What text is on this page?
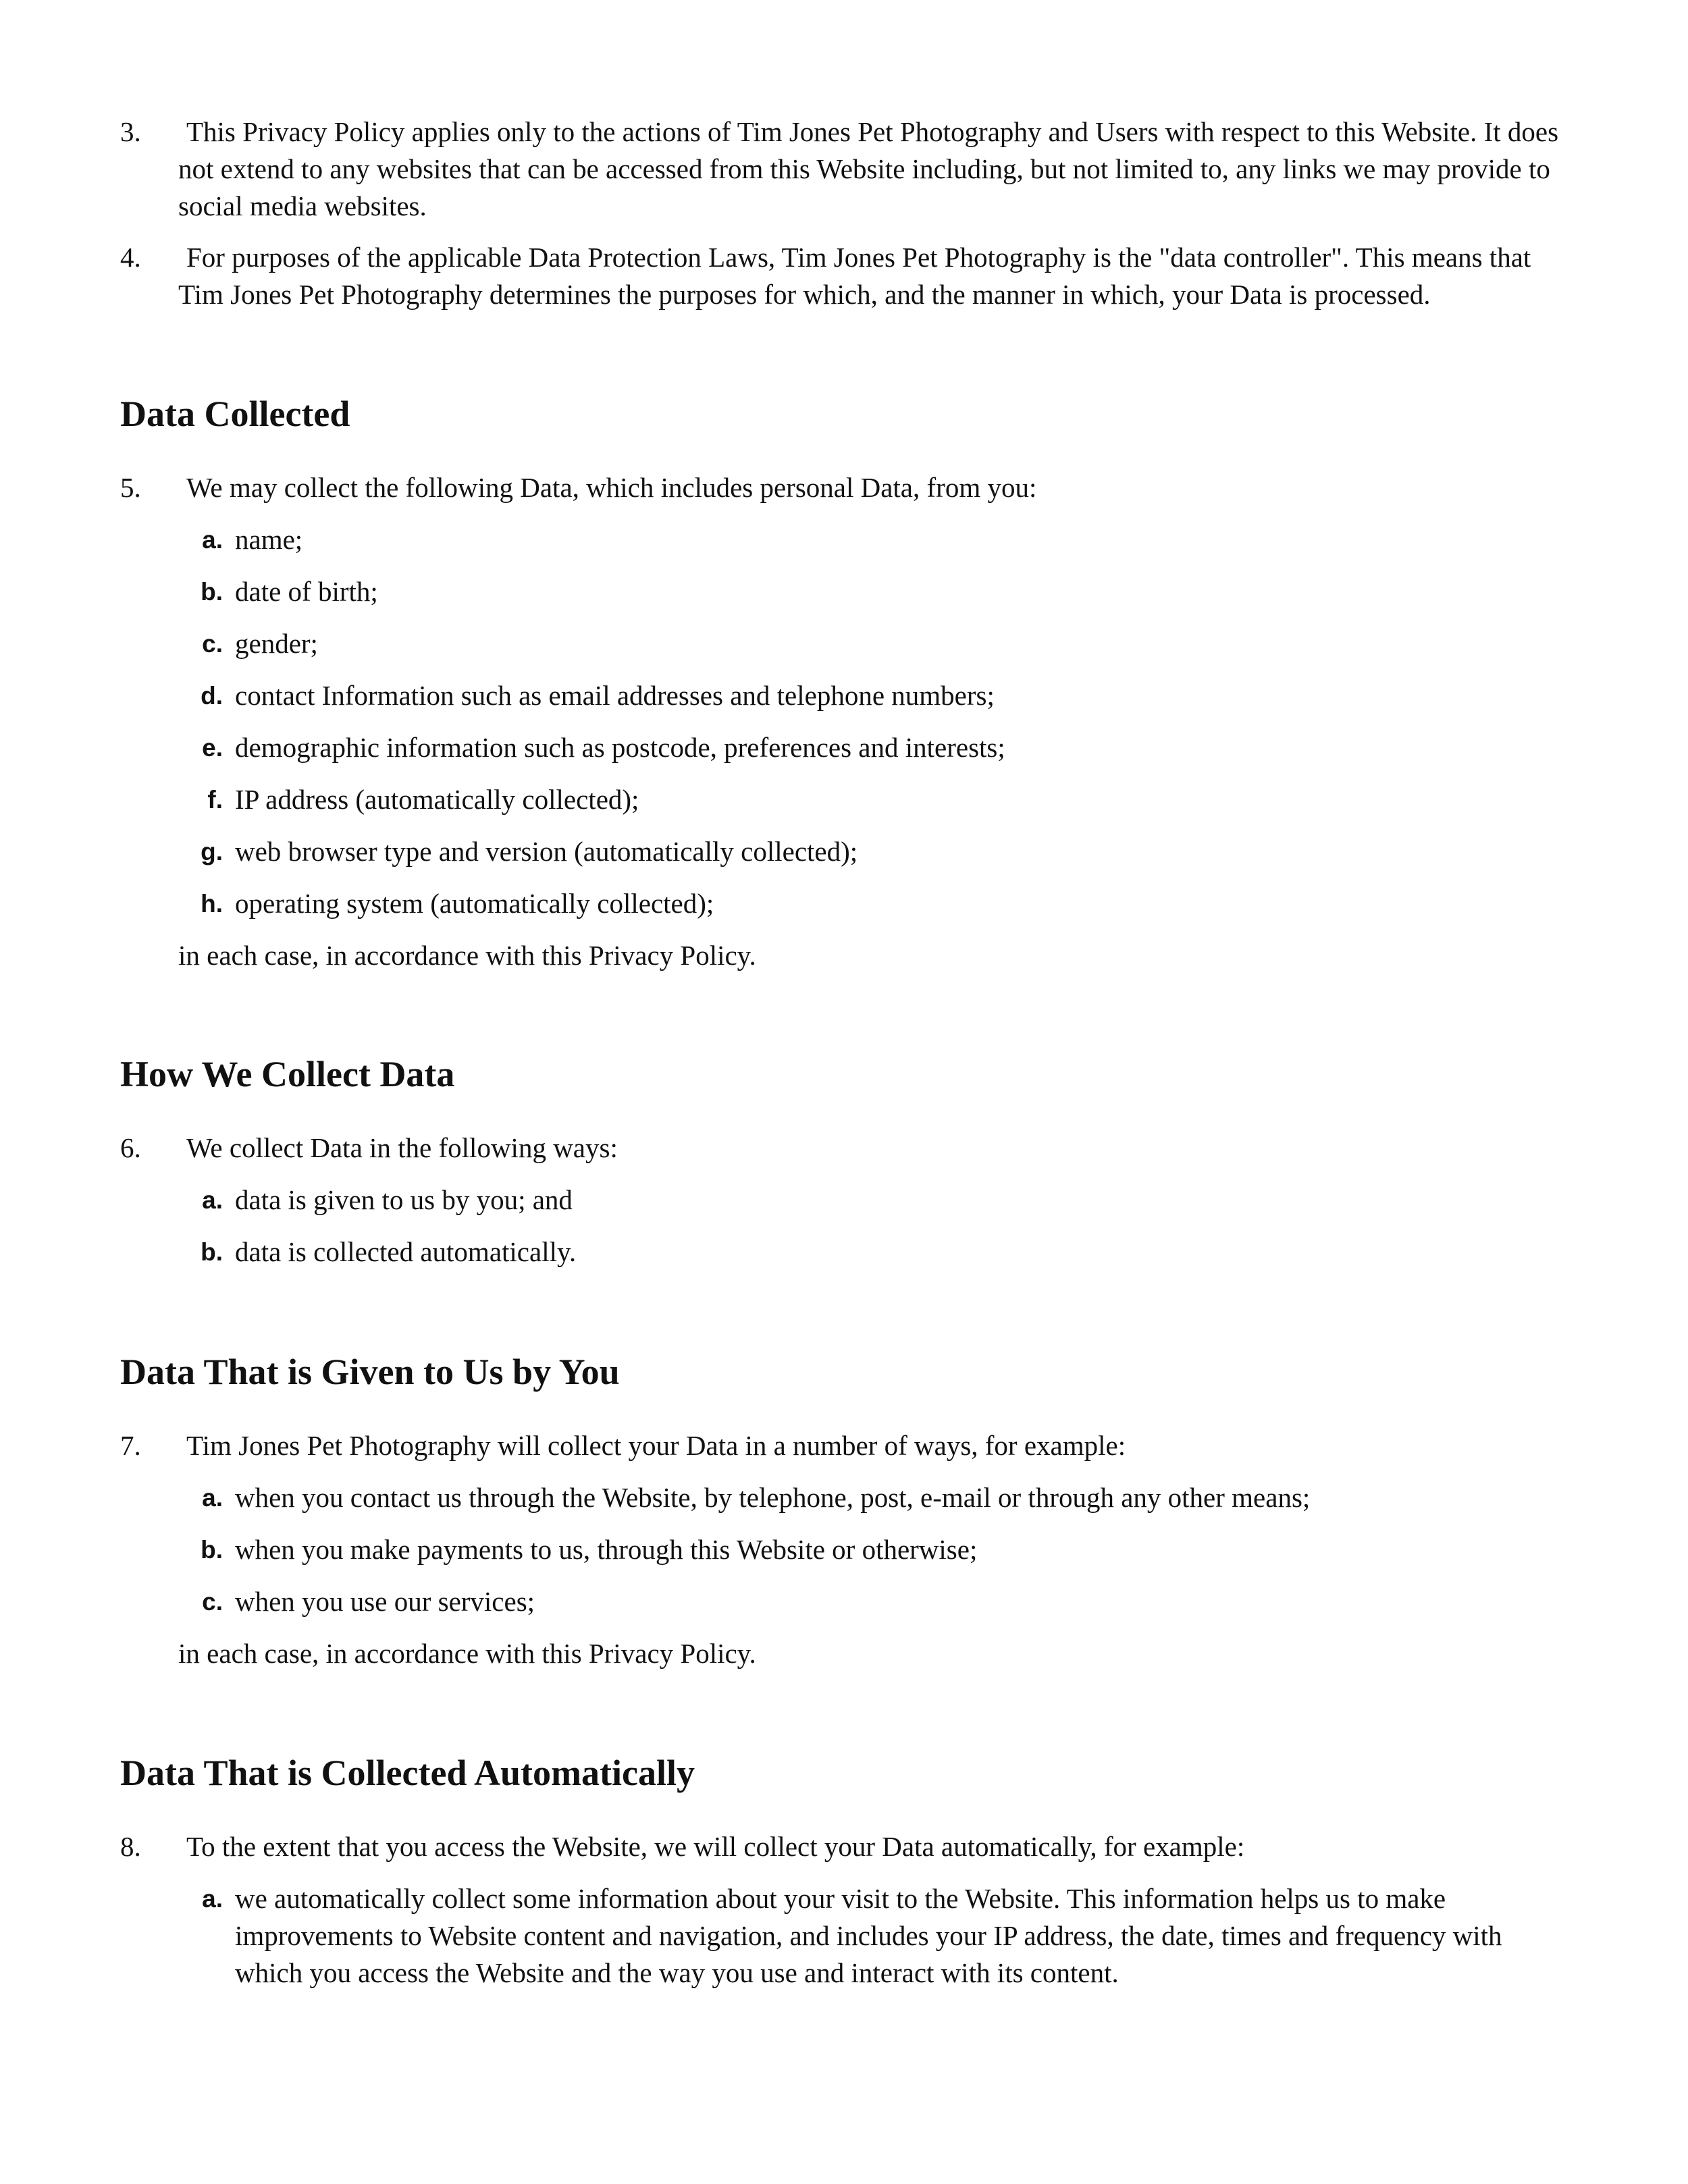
3.	This Privacy Policy applies only to the actions of Tim Jones Pet Photography and Users with respect to this Website. It does not extend to any websites that can be accessed from this Website including, but not limited to, any links we may provide to social media websites.
4.	For purposes of the applicable Data Protection Laws, Tim Jones Pet Photography is the "data controller". This means that Tim Jones Pet Photography determines the purposes for which, and the manner in which, your Data is processed.
Data Collected
5.	We may collect the following Data, which includes personal Data, from you:
a. name;
b. date of birth;
c. gender;
d. contact Information such as email addresses and telephone numbers;
e. demographic information such as postcode, preferences and interests;
f. IP address (automatically collected);
g. web browser type and version (automatically collected);
h. operating system (automatically collected);
in each case, in accordance with this Privacy Policy.
How We Collect Data
6.	We collect Data in the following ways:
a. data is given to us by you; and
b. data is collected automatically.
Data That is Given to Us by You
7.	Tim Jones Pet Photography will collect your Data in a number of ways, for example:
a. when you contact us through the Website, by telephone, post, e-mail or through any other means;
b. when you make payments to us, through this Website or otherwise;
c. when you use our services;
in each case, in accordance with this Privacy Policy.
Data That is Collected Automatically
8.	To the extent that you access the Website, we will collect your Data automatically, for example:
a. we automatically collect some information about your visit to the Website. This information helps us to make improvements to Website content and navigation, and includes your IP address, the date, times and frequency with which you access the Website and the way you use and interact with its content.
